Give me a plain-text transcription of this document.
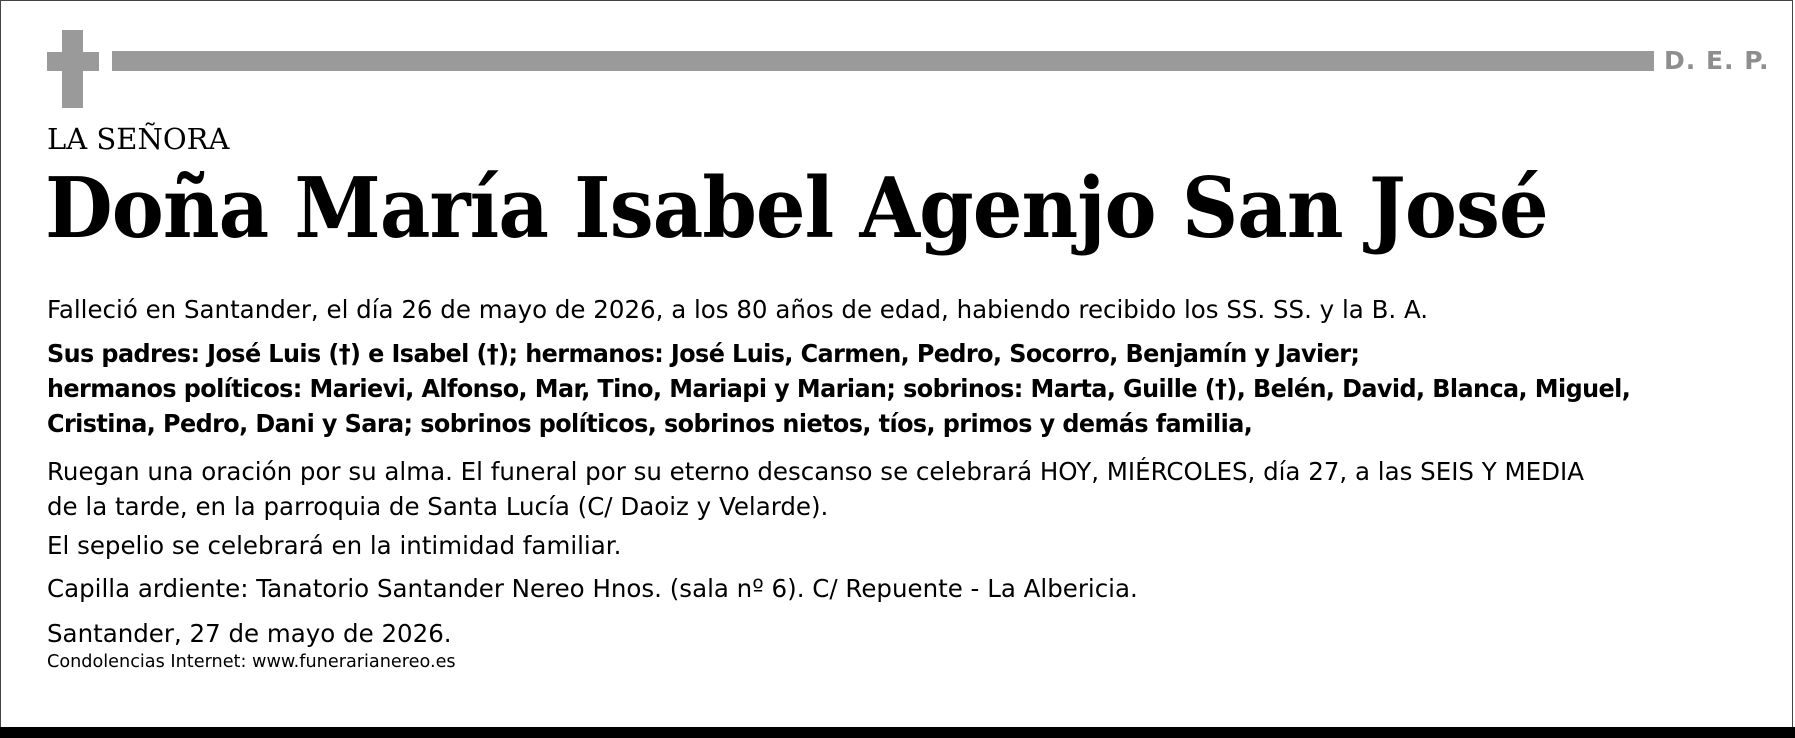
D. E. P.
LA SEÑORA
Doña María Isabel Agenjo San José
Falleció en Santander, el día 26 de mayo de 2026, a los 80 años de edad, habiendo recibido los SS. SS. y la B. A.
Sus padres: José Luis (†) e Isabel (†); hermanos: José Luis, Carmen, Pedro, Socorro, Benjamín y Javier;
hermanos políticos: Marievi, Alfonso, Mar, Tino, Mariapi y Marian; sobrinos: Marta, Guille (†), Belén, David, Blanca, Miguel,
Cristina, Pedro, Dani y Sara; sobrinos políticos, sobrinos nietos, tíos, primos y demás familia,
Ruegan una oración por su alma. El funeral por su eterno descanso se celebrará HOY, MIÉRCOLES, día 27, a las SEIS Y MEDIA
de la tarde, en la parroquia de Santa Lucía (C/ Daoiz y Velarde).
El sepelio se celebrará en la intimidad familiar.
Capilla ardiente: Tanatorio Santander Nereo Hnos. (sala nº 6). C/ Repuente - La Albericia.
Santander, 27 de mayo de 2026.
Condolencias Internet: www.funerarianereo.es
